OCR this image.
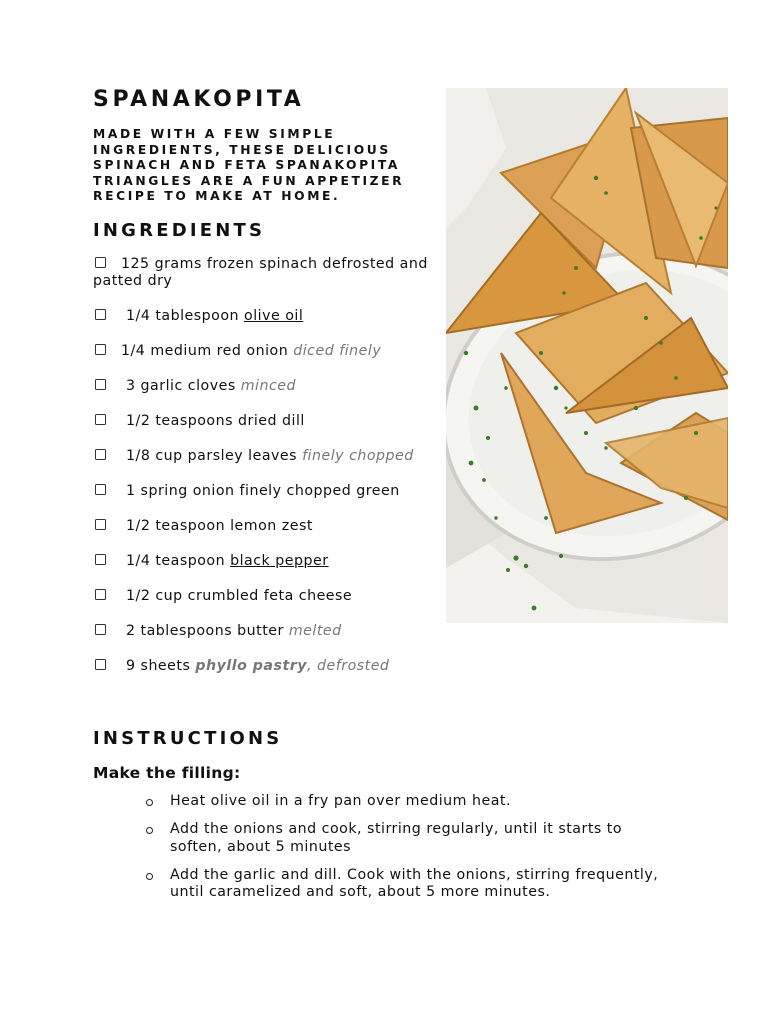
SPANAKOPITA

MADE WITH A FEW SIMPLE INGREDIENTS, THESE DELICIOUS SPINACH AND FETA SPANAKOPITA TRIANGLES ARE A FUN APPETIZER RECIPE TO MAKE AT HOME.

INGREDIENTS
125 grams frozen spinach defrosted and patted dry
1/4 tablespoon olive oil
1/4 medium red onion diced finely
3 garlic cloves minced
1/2 teaspoons dried dill
1/8 cup parsley leaves finely chopped
1 spring onion finely chopped green
1/2 teaspoon lemon zest
1/4 teaspoon black pepper
1/2 cup crumbled feta cheese
2 tablespoons butter melted
9 sheets phyllo pastry, defrosted
INSTRUCTIONS
Make the filling:
Heat olive oil in a fry pan over medium heat.
Add the onions and cook, stirring regularly, until it starts to soften, about 5 minutes
Add the garlic and dill. Cook with the onions, stirring frequently, until caramelized and soft, about 5 more minutes.
